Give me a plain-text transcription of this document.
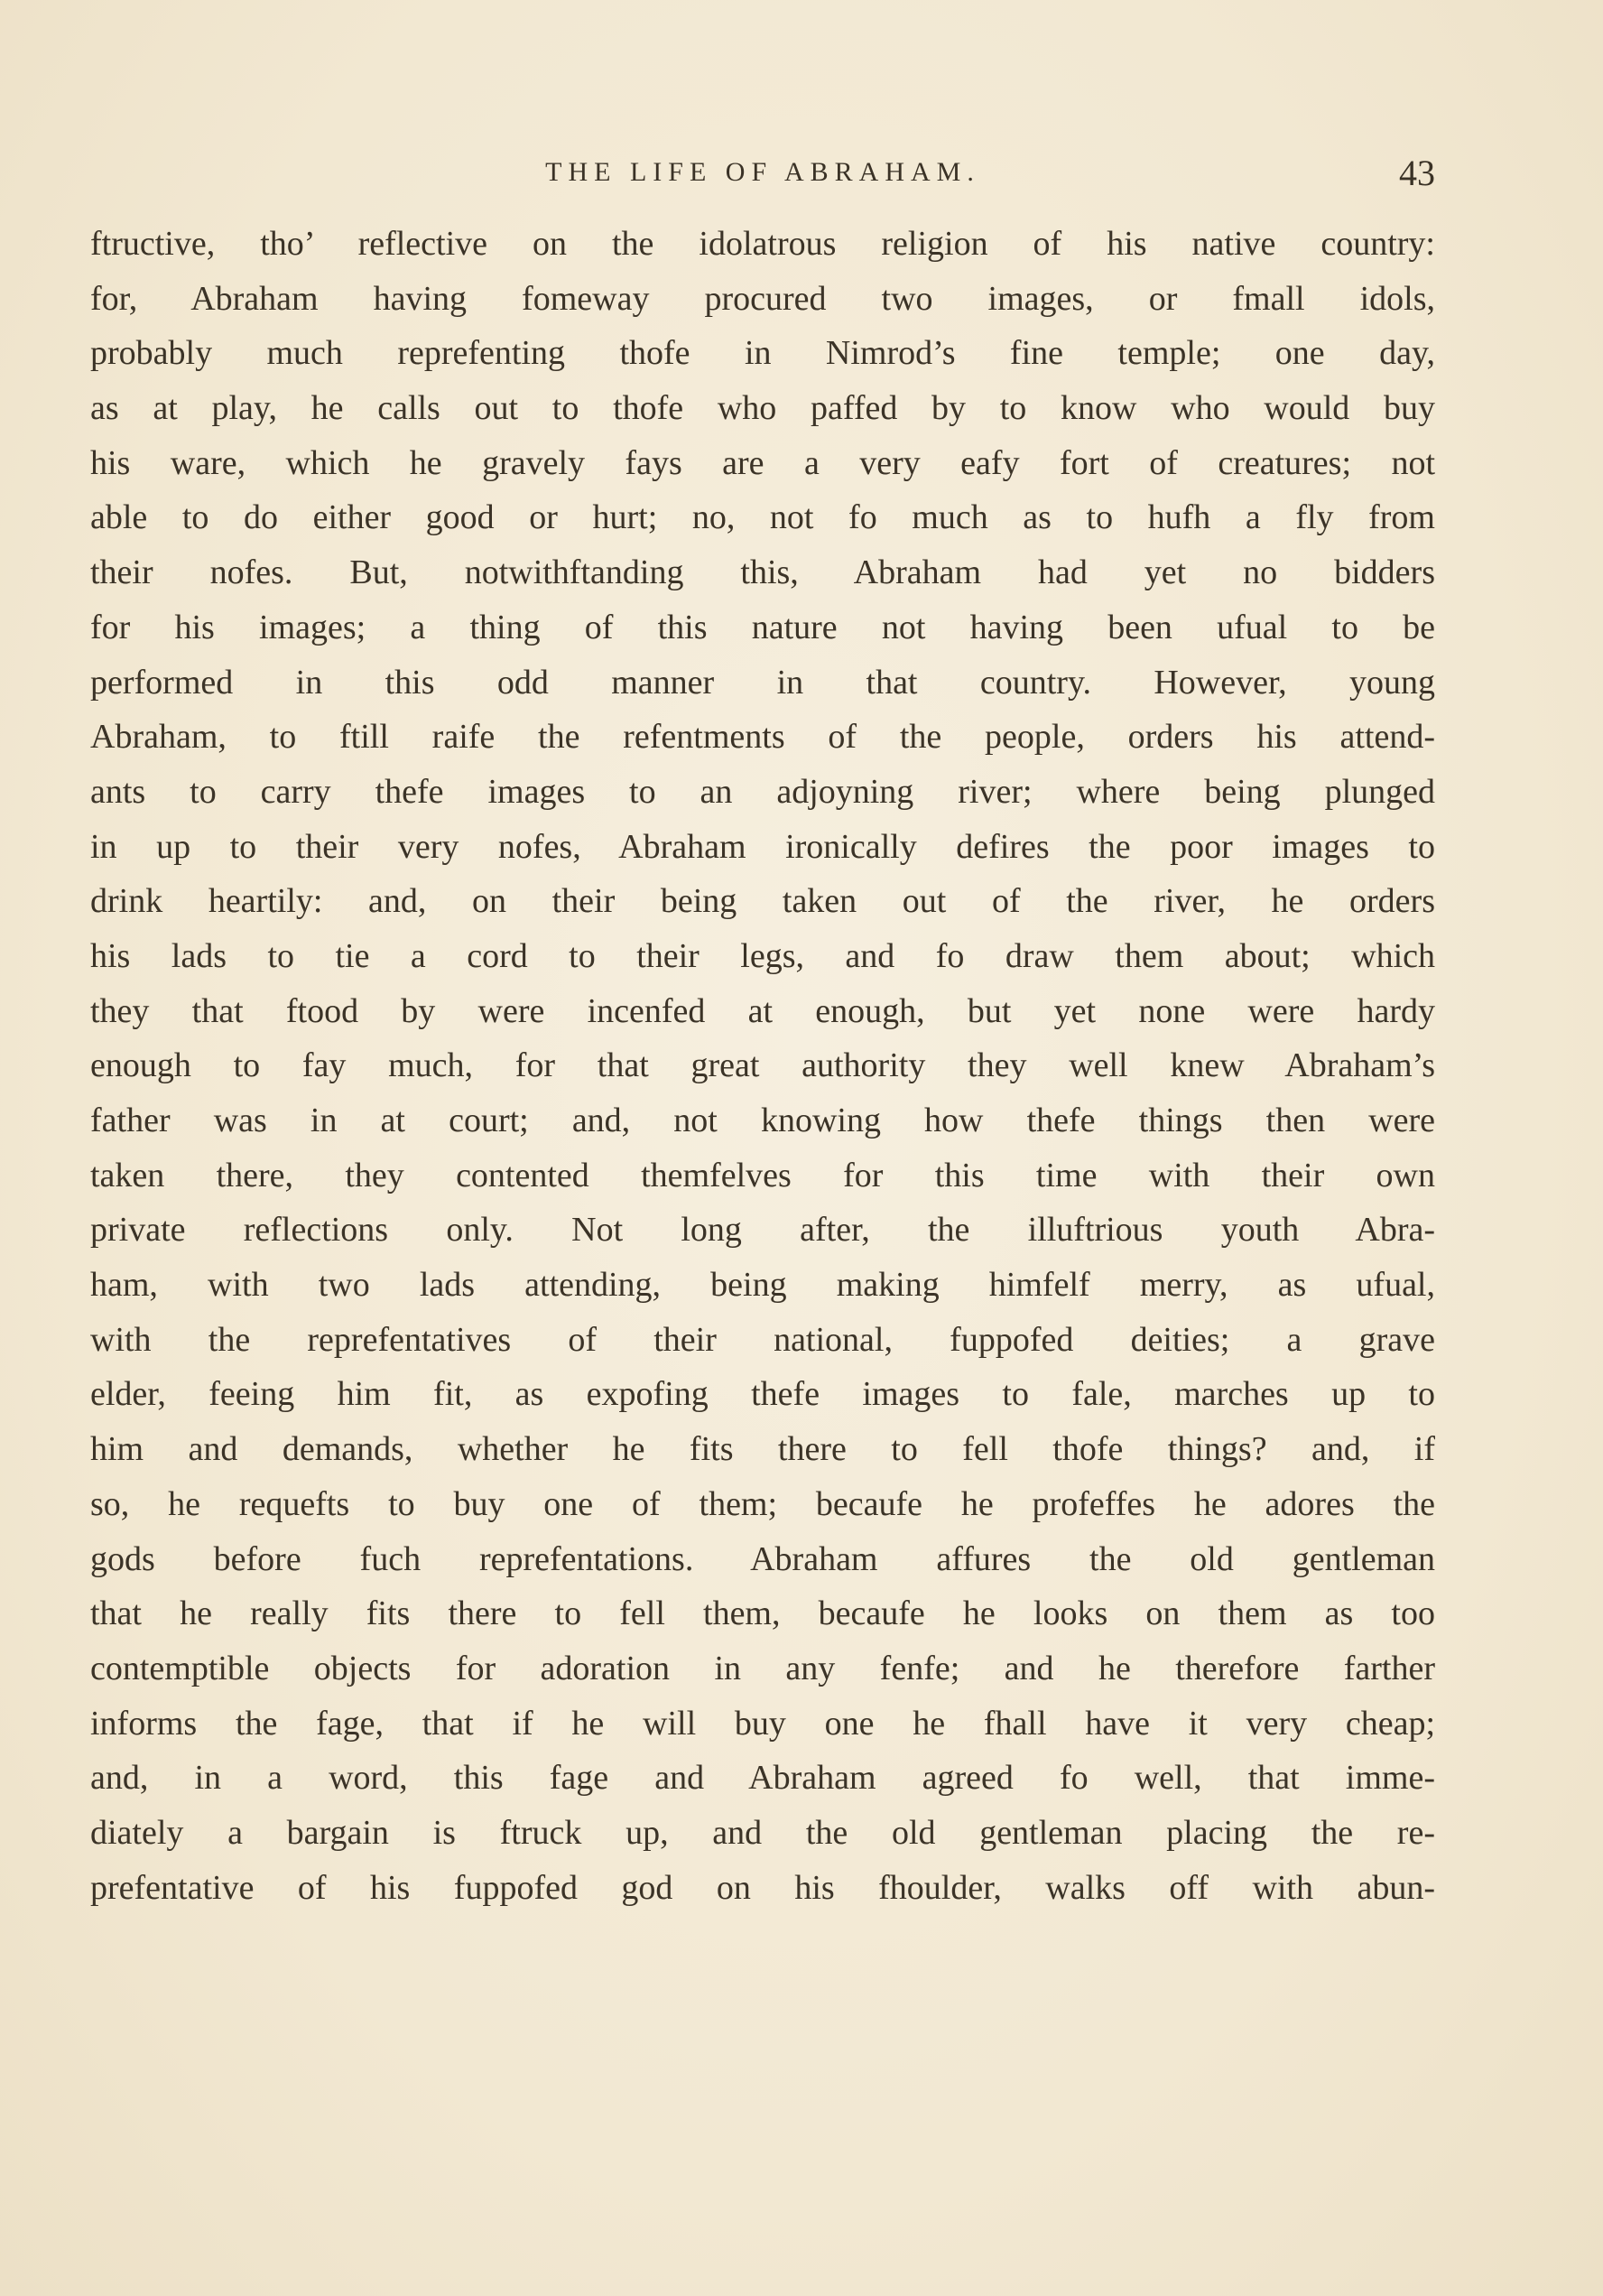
THE LIFE OF ABRAHAM.	43
ftructive, tho’ reflective on the idolatrous religion of his native country:
for, Abraham having fomeway procured two images, or fmall idols,
probably much reprefenting thofe in Nimrod’s fine temple; one day,
as at play, he calls out to thofe who paffed by to know who would buy
his ware, which he gravely fays are a very eafy fort of creatures; not
able to do either good or hurt; no, not fo much as to hufh a fly from
their nofes. But, notwithftanding this, Abraham had yet no bidders
for his images; a thing of this nature not having been ufual to be
performed in this odd manner in that country. However, young
Abraham, to ftill raife the refentments of the people, orders his attend-
ants to carry thefe images to an adjoyning river; where being plunged
in up to their very nofes, Abraham ironically defires the poor images to
drink heartily: and, on their being taken out of the river, he orders
his lads to tie a cord to their legs, and fo draw them about; which
they that ftood by were incenfed at enough, but yet none were hardy
enough to fay much, for that great authority they well knew Abraham’s
father was in at court; and, not knowing how thefe things then were
taken there, they contented themfelves for this time with their own
private reflections only. Not long after, the illuftrious youth Abra-
ham, with two lads attending, being making himfelf merry, as ufual,
with the reprefentatives of their national, fuppofed deities; a grave
elder, feeing him fit, as expofing thefe images to fale, marches up to
him and demands, whether he fits there to fell thofe things? and, if
so, he requefts to buy one of them; becaufe he profeffes he adores the
gods before fuch reprefentations. Abraham affures the old gentleman
that he really fits there to fell them, becaufe he looks on them as too
contemptible objects for adoration in any fenfe; and he therefore farther
informs the fage, that if he will buy one he fhall have it very cheap;
and, in a word, this fage and Abraham agreed fo well, that imme-
diately a bargain is ftruck up, and the old gentleman placing the re-
prefentative of his fuppofed god on his fhoulder, walks off with abun-
